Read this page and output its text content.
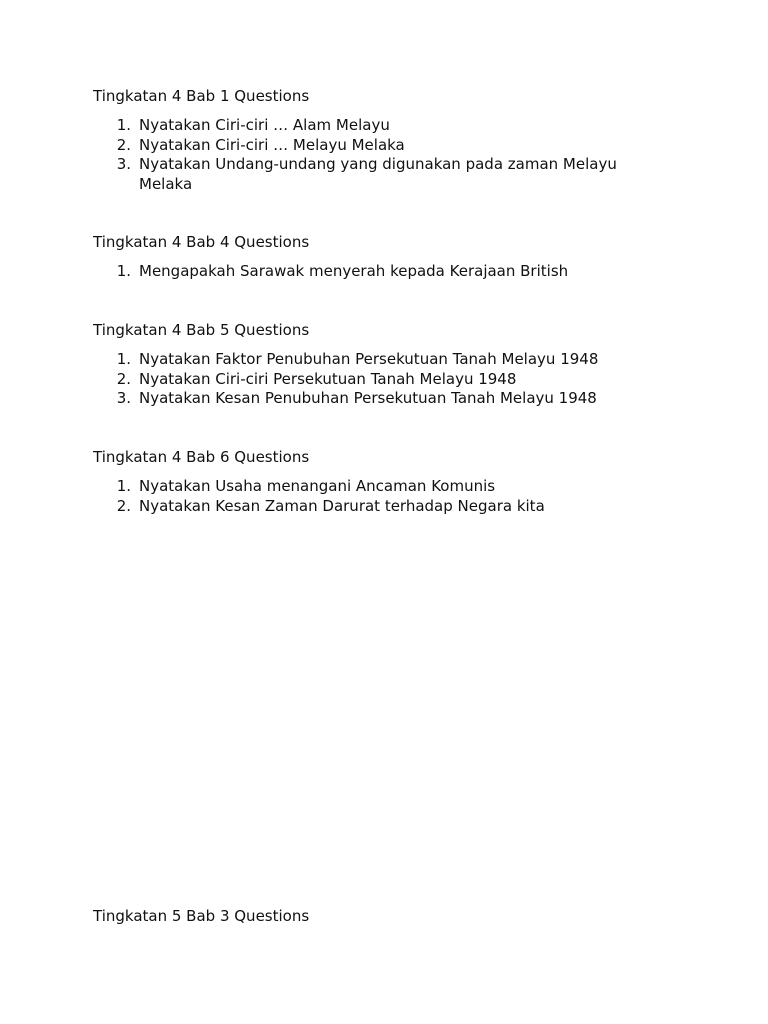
Tingkatan 4 Bab 1 Questions

1. Nyatakan Ciri-ciri … Alam Melayu
2. Nyatakan Ciri-ciri … Melayu Melaka
3. Nyatakan Undang-undang yang digunakan pada zaman Melayu Melaka

Tingkatan 4 Bab 4 Questions

1. Mengapakah Sarawak menyerah kepada Kerajaan British

Tingkatan 4 Bab 5 Questions

1. Nyatakan Faktor Penubuhan Persekutuan Tanah Melayu 1948
2. Nyatakan Ciri-ciri Persekutuan Tanah Melayu 1948
3. Nyatakan Kesan Penubuhan Persekutuan Tanah Melayu 1948

Tingkatan 4 Bab 6 Questions

1. Nyatakan Usaha menangani Ancaman Komunis
2. Nyatakan Kesan Zaman Darurat terhadap Negara kita

Tingkatan 5 Bab 3 Questions
